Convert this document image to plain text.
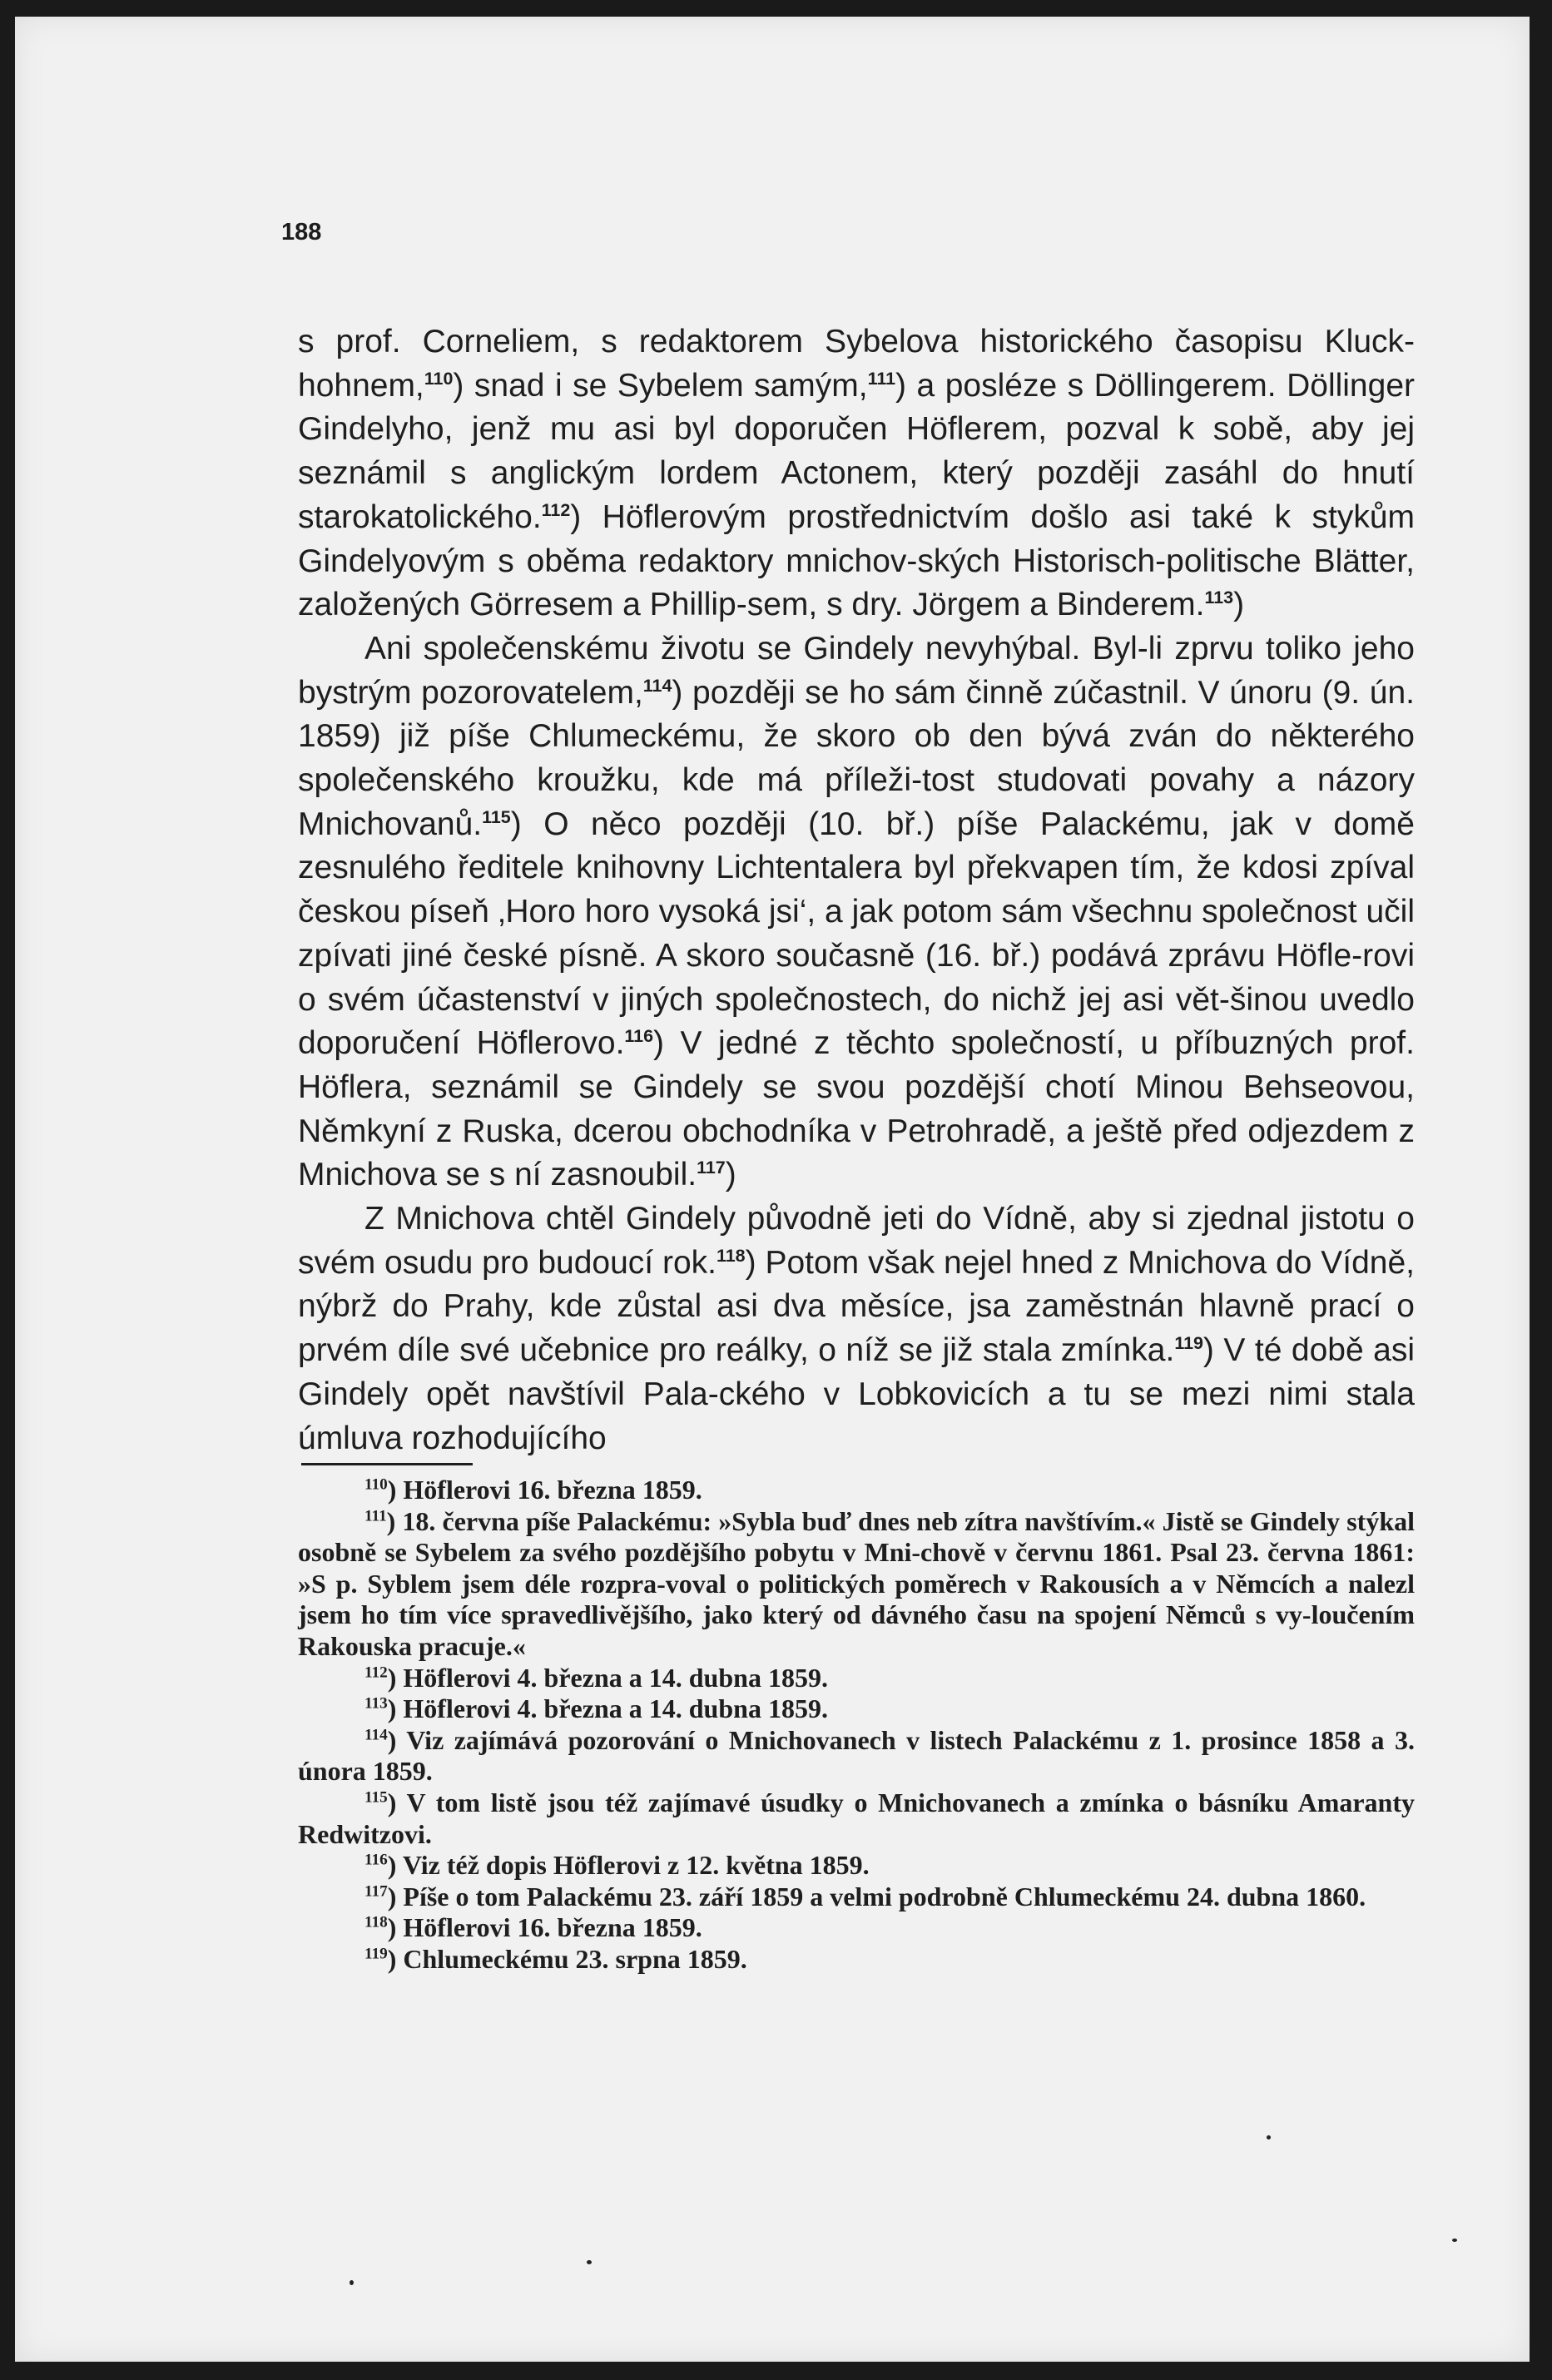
188

s prof. Corneliem, s redaktorem Sybelova historického časopisu Kluck-hohnem,$^{110}$) snad i se Sybelem samým,$^{111}$) a posléze s Döllingerem. Döllinger Gindelyho, jenž mu asi byl doporučen Höflerem, pozval k sobě, aby jej seznámil s anglickým lordem Actonem, který později zasáhl do hnutí starokatolického.$^{112}$) Höflerovým prostřednictvím došlo asi také k stykům Gindelyovým s oběma redaktory mnichov-ských Historisch-politische Blätter, založených Görresem a Phillip-sem, s dry. Jörgem a Binderem.$^{113}$)

Ani společenskému životu se Gindely nevyhýbal. Byl-li zprvu toliko jeho bystrým pozorovatelem,$^{114}$) později se ho sám činně zúčastnil. V únoru (9. ún. 1859) již píše Chlumeckému, že skoro ob den bývá zván do některého společenského kroužku, kde má příleži-tost studovati povahy a názory Mnichovanů.$^{115}$) O něco později (10. bř.) píše Palackému, jak v domě zesnulého ředitele knihovny Lichtentalera byl překvapen tím, že kdosi zpíval českou píseň ‚Horo horo vysoká jsi‘, a jak potom sám všechnu společnost učil zpívati jiné české písně. A skoro současně (16. bř.) podává zprávu Höfle-rovi o svém účastenství v jiných společnostech, do nichž jej asi vět-šinou uvedlo doporučení Höflerovo.$^{116}$) V jedné z těchto společností, u příbuzných prof. Höflera, seznámil se Gindely se svou pozdější chotí Minou Behseovou, Němkyní z Ruska, dcerou obchodníka v Petrohradě, a ještě před odjezdem z Mnichova se s ní zasnoubil.$^{117}$)

Z Mnichova chtěl Gindely původně jeti do Vídně, aby si zjednal jistotu o svém osudu pro budoucí rok.$^{118}$) Potom však nejel hned z Mnichova do Vídně, nýbrž do Prahy, kde zůstal asi dva měsíce, jsa zaměstnán hlavně prací o prvém díle své učebnice pro reálky, o níž se již stala zmínka.$^{119}$) V té době asi Gindely opět navštívil Pala-ckého v Lobkovicích a tu se mezi nimi stala úmluva rozhodujícího

$^{110}$) Höflerovi 16. března 1859.

$^{111}$) 18. června píše Palackému: »Sybla buď dnes neb zítra navštívím.« Jistě se Gindely stýkal osobně se Sybelem za svého pozdějšího pobytu v Mni-chově v červnu 1861. Psal 23. června 1861: »S p. Syblem jsem déle rozpra-voval o politických poměrech v Rakousích a v Němcích a nalezl jsem ho tím více spravedlivějšího, jako který od dávného času na spojení Němců s vy-loučením Rakouska pracuje.«

$^{112}$) Höflerovi 4. března a 14. dubna 1859.

$^{113}$) Höflerovi 4. března a 14. dubna 1859.

$^{114}$) Viz zajímává pozorování o Mnichovanech v listech Palackému z 1. prosince 1858 a 3. února 1859.

$^{115}$) V tom listě jsou též zajímavé úsudky o Mnichovanech a zmínka o básníku Amaranty Redwitzovi.

$^{116}$) Viz též dopis Höflerovi z 12. května 1859.

$^{117}$) Píše o tom Palackému 23. září 1859 a velmi podrobně Chlumeckému 24. dubna 1860.

$^{118}$) Höflerovi 16. března 1859.

$^{119}$) Chlumeckému 23. srpna 1859.
